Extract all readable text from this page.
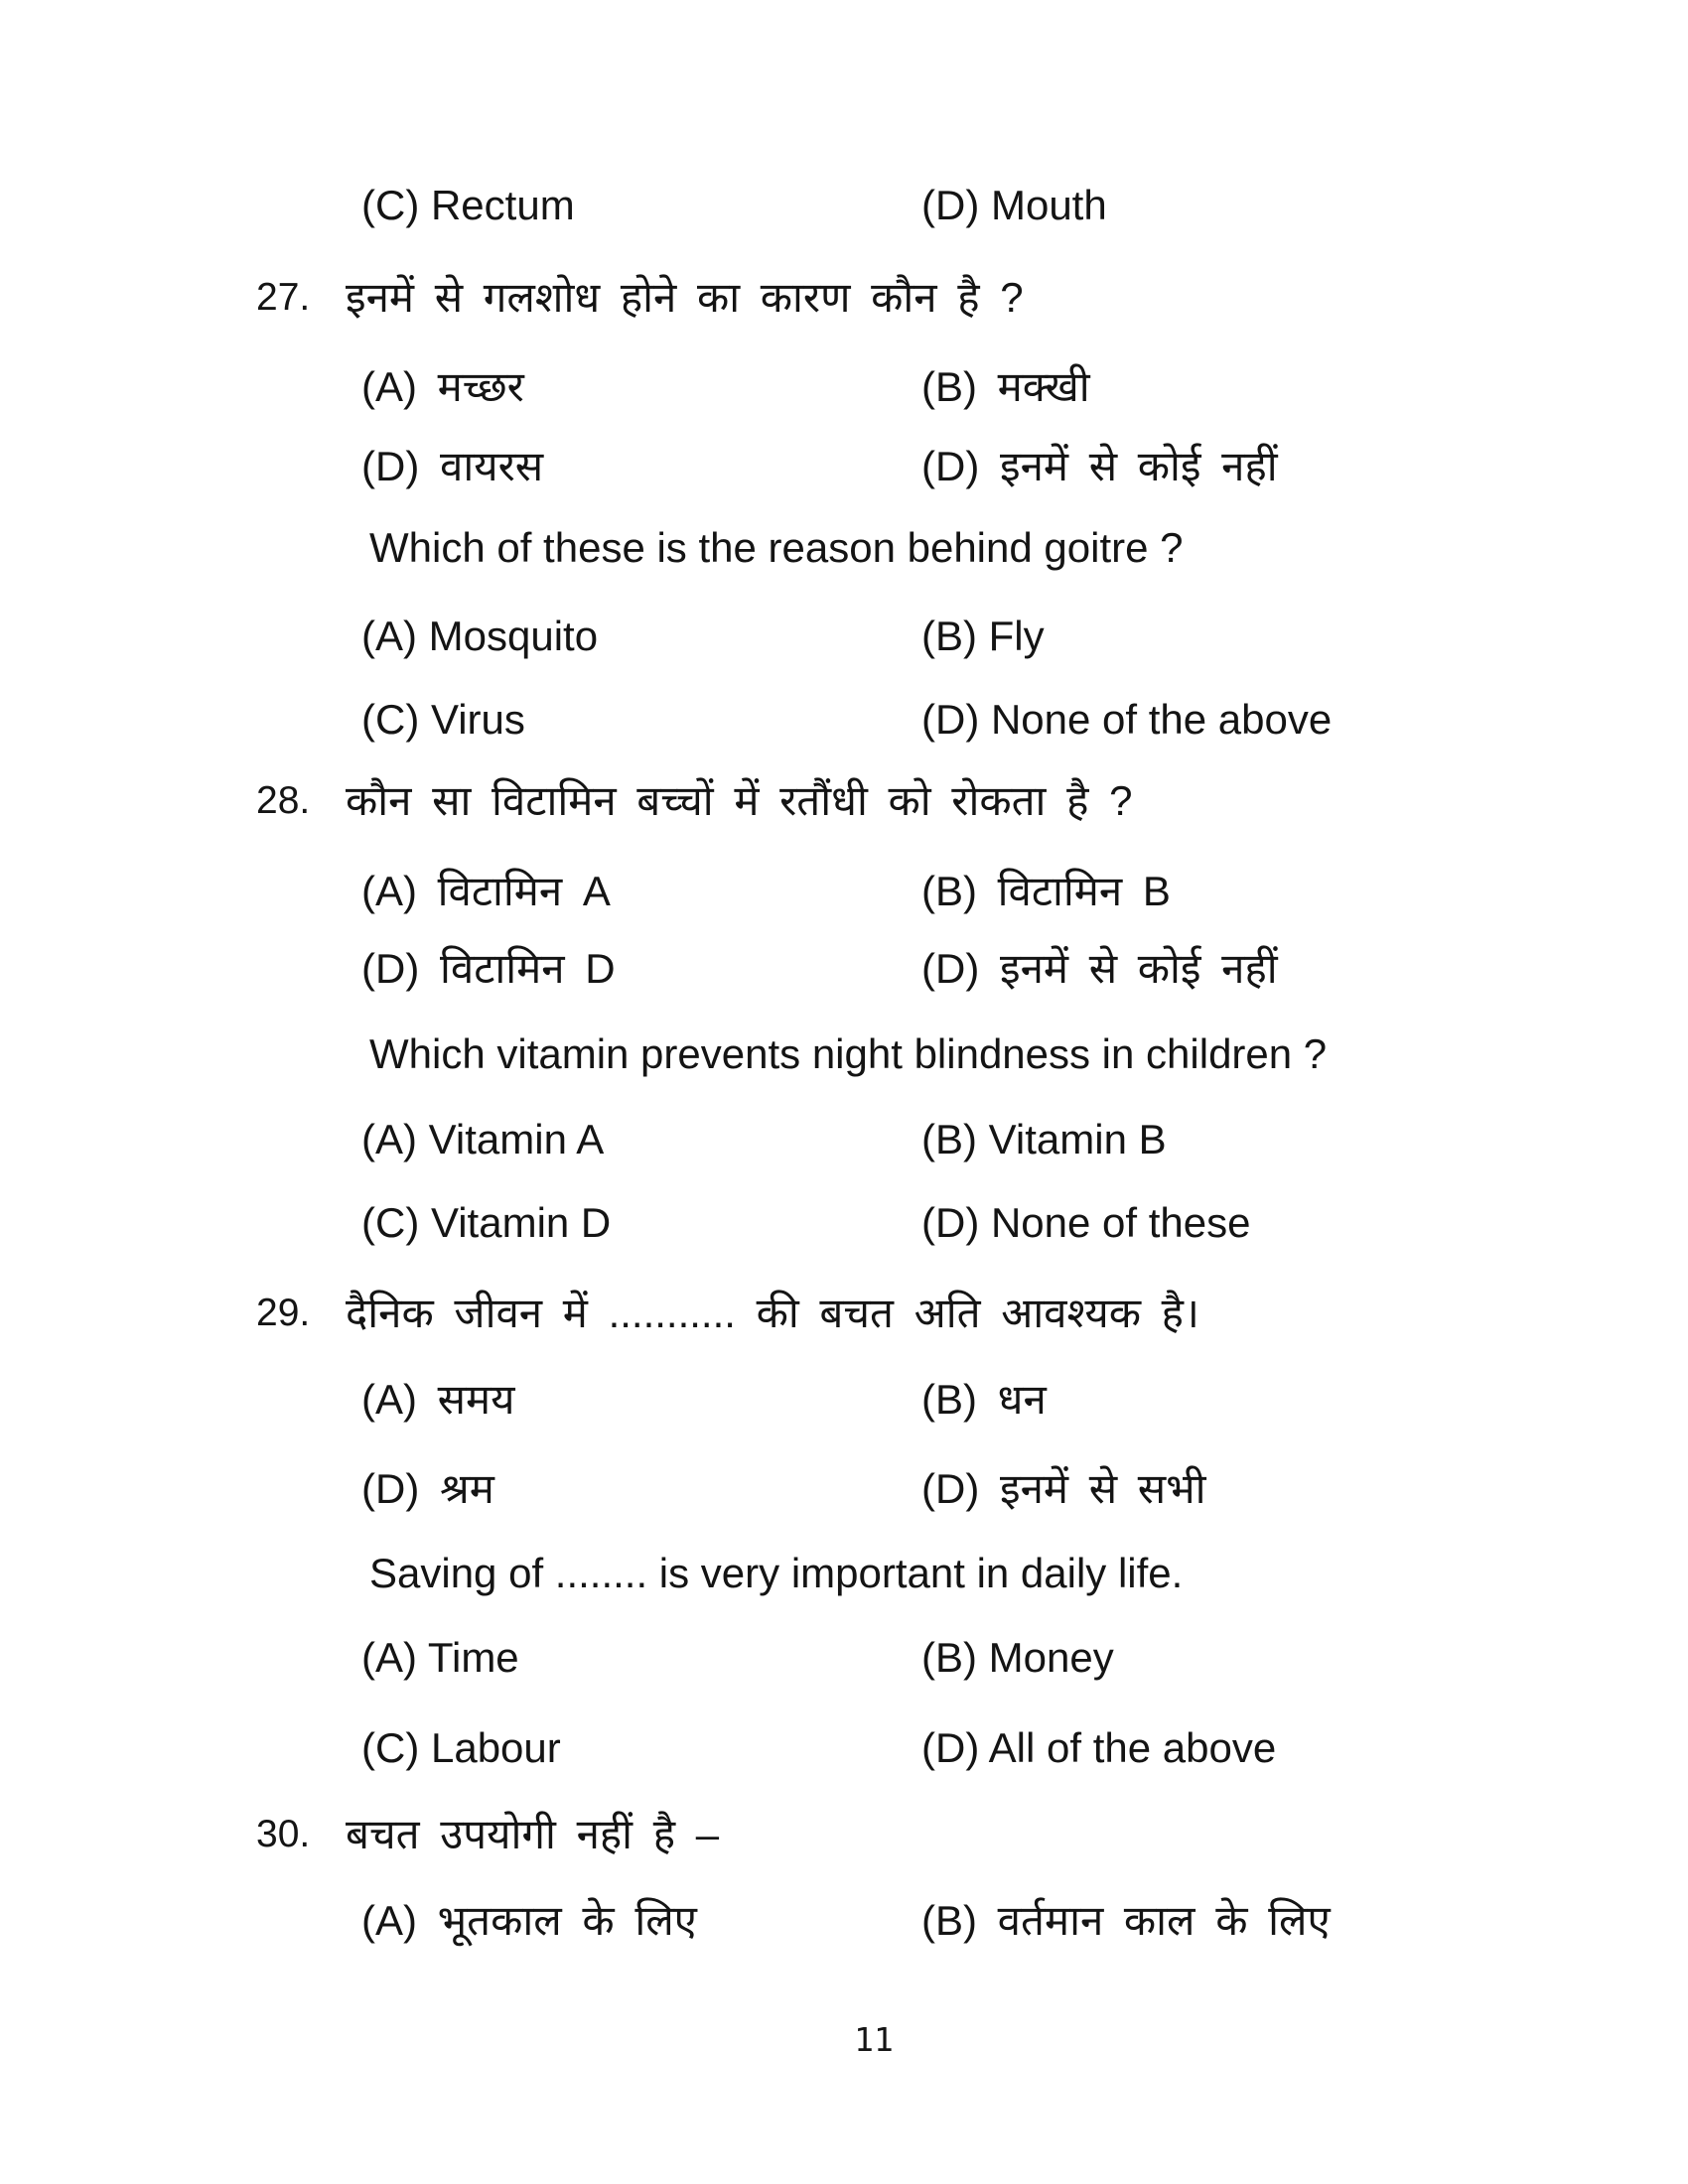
(C) Rectum	(D) Mouth
27. इनमें से गलशोध होने का कारण कौन है ?
(A) मच्छर	(B) मक्खी
(D) वायरस	(D) इनमें से कोई नहीं
Which of these is the reason behind goitre ?
(A) Mosquito	(B) Fly
(C) Virus	(D) None of the above
28. कौन सा विटामिन बच्चों में रतौंधी को रोकता है ?
(A) विटामिन A	(B) विटामिन B
(D) विटामिन D	(D) इनमें से कोई नहीं
Which vitamin prevents night blindness in children ?
(A) Vitamin A	(B) Vitamin B
(C) Vitamin D	(D) None of these
29. दैनिक जीवन में ........... की बचत अति आवश्यक है।
(A) समय	(B) धन
(D) श्रम	(D) इनमें से सभी
Saving of ........ is very important in daily life.
(A) Time	(B) Money
(C) Labour	(D) All of the above
30. बचत उपयोगी नहीं है –
(A) भूतकाल के लिए	(B) वर्तमान काल के लिए
11
